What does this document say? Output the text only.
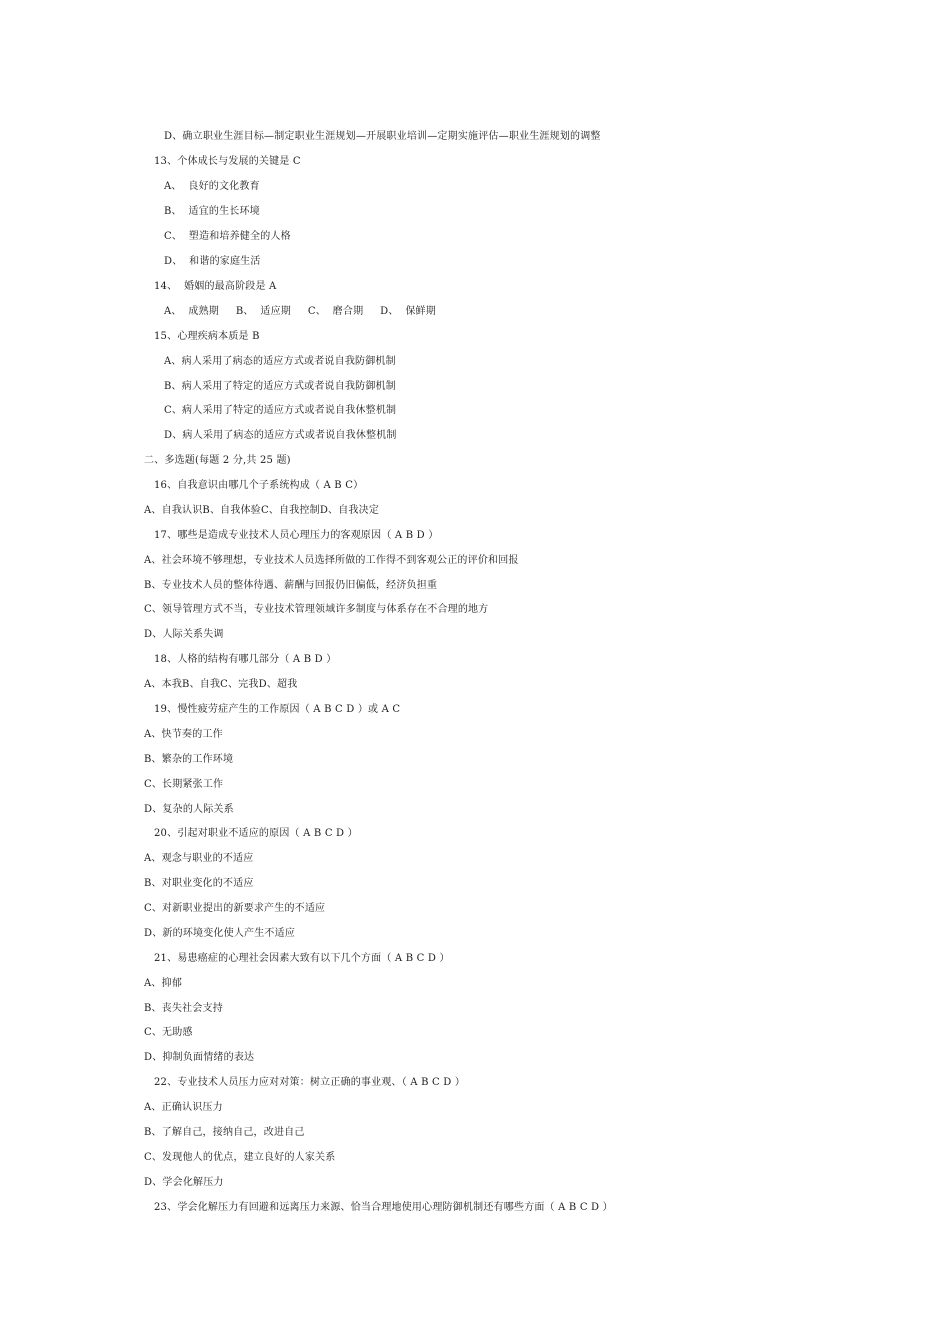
D、确立职业生涯目标—制定职业生涯规划—开展职业培训—定期实施评估—职业生涯规划的调整
13、个体成长与发展的关键是 C
A、  良好的文化教育
B、  适宜的生长环境
C、  塑造和培养健全的人格
D、  和谐的家庭生活
14、  婚姻的最高阶段是 A
A、  成熟期     B、  适应期     C、  磨合期     D、  保鲜期
15、心理疾病本质是 B
A、病人采用了病态的适应方式或者说自我防御机制
B、病人采用了特定的适应方式或者说自我防御机制
C、病人采用了特定的适应方式或者说自我休整机制
D、病人采用了病态的适应方式或者说自我休整机制
二、多选题(每题 2 分,共 25 题)
16、自我意识由哪几个子系统构成（ A B C）
A、自我认识B、自我体验C、自我控制D、自我决定
17、哪些是造成专业技术人员心理压力的客观原因（ A B D ）
A、社会环境不够理想，专业技术人员选择所做的工作得不到客观公正的评价和回报
B、专业技术人员的整体待遇、薪酬与回报仍旧偏低，经济负担重
C、领导管理方式不当，专业技术管理领域许多制度与体系存在不合理的地方
D、人际关系失调
18、人格的结构有哪几部分（ A B D ）
A、本我B、自我C、完我D、超我
19、慢性疲劳症产生的工作原因（ A B C D ）或 A C
A、快节奏的工作
B、繁杂的工作环境
C、长期紧张工作
D、复杂的人际关系
20、引起对职业不适应的原因（ A B C D ）
A、观念与职业的不适应
B、对职业变化的不适应
C、对新职业提出的新要求产生的不适应
D、新的环境变化使人产生不适应
21、易患癌症的心理社会因素大致有以下几个方面（ A B C D ）
A、抑郁
B、丧失社会支持
C、无助感
D、抑制负面情绪的表达
22、专业技术人员压力应对对策：树立正确的事业观、（ A B C D ）
A、正确认识压力
B、了解自己，接纳自己，改进自己
C、发现他人的优点，建立良好的人家关系
D、学会化解压力
23、学会化解压力有回避和远离压力来源、恰当合理地使用心理防御机制还有哪些方面（ A B C D ）
